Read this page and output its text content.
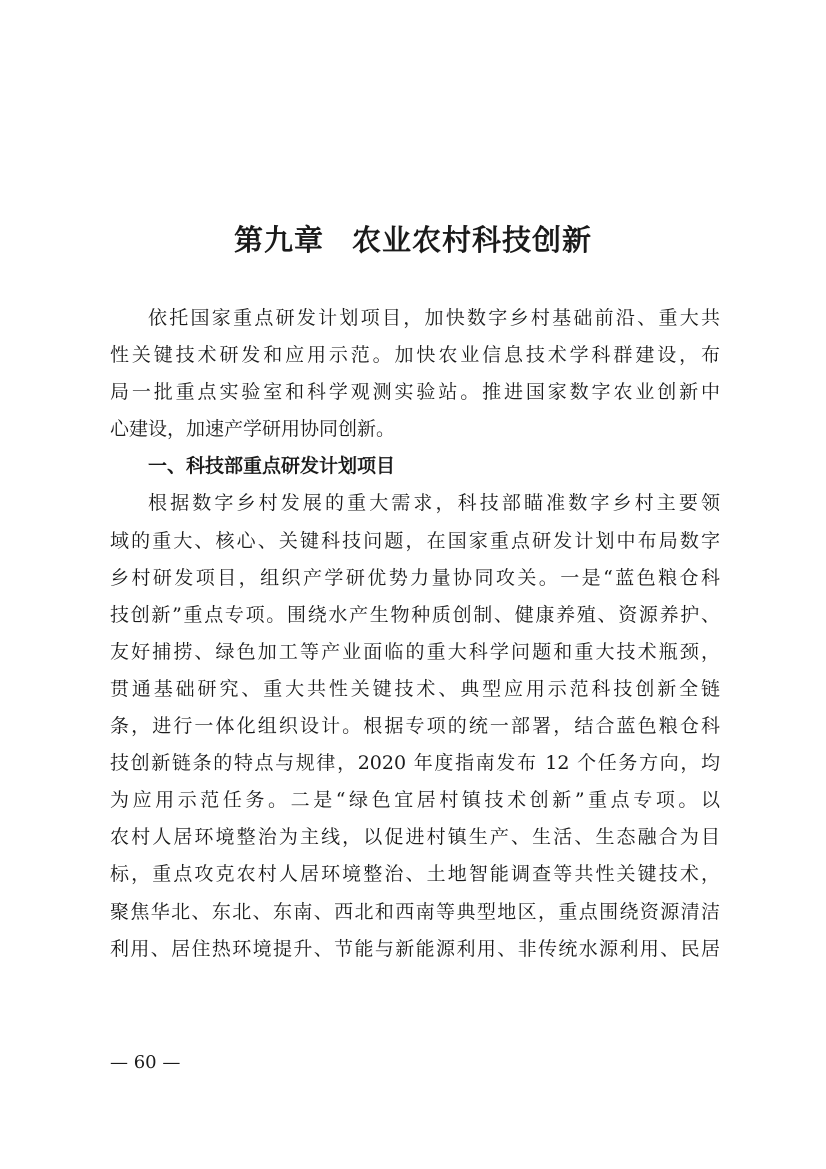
第九章 农业农村科技创新
依托国家重点研发计划项目，加快数字乡村基础前沿、重大共
性关键技术研发和应用示范。加快农业信息技术学科群建设，布
局一批重点实验室和科学观测实验站。推进国家数字农业创新中
心建设，加速产学研用协同创新。
一、科技部重点研发计划项目
根据数字乡村发展的重大需求，科技部瞄准数字乡村主要领
域的重大、核心、关键科技问题，在国家重点研发计划中布局数字
乡村研发项目，组织产学研优势力量协同攻关。一是“蓝色粮仓科
技创新”重点专项。围绕水产生物种质创制、健康养殖、资源养护、
友好捕捞、绿色加工等产业面临的重大科学问题和重大技术瓶颈，
贯通基础研究、重大共性关键技术、典型应用示范科技创新全链
条，进行一体化组织设计。根据专项的统一部署，结合蓝色粮仓科
技创新链条的特点与规律，2020 年度指南发布 12 个任务方向，均
为应用示范任务。二是“绿色宜居村镇技术创新”重点专项。以
农村人居环境整治为主线，以促进村镇生产、生活、生态融合为目
标，重点攻克农村人居环境整治、土地智能调查等共性关键技术，
聚焦华北、东北、东南、西北和西南等典型地区，重点围绕资源清洁
利用、居住热环境提升、节能与新能源利用、非传统水源利用、民居
— 60 —
